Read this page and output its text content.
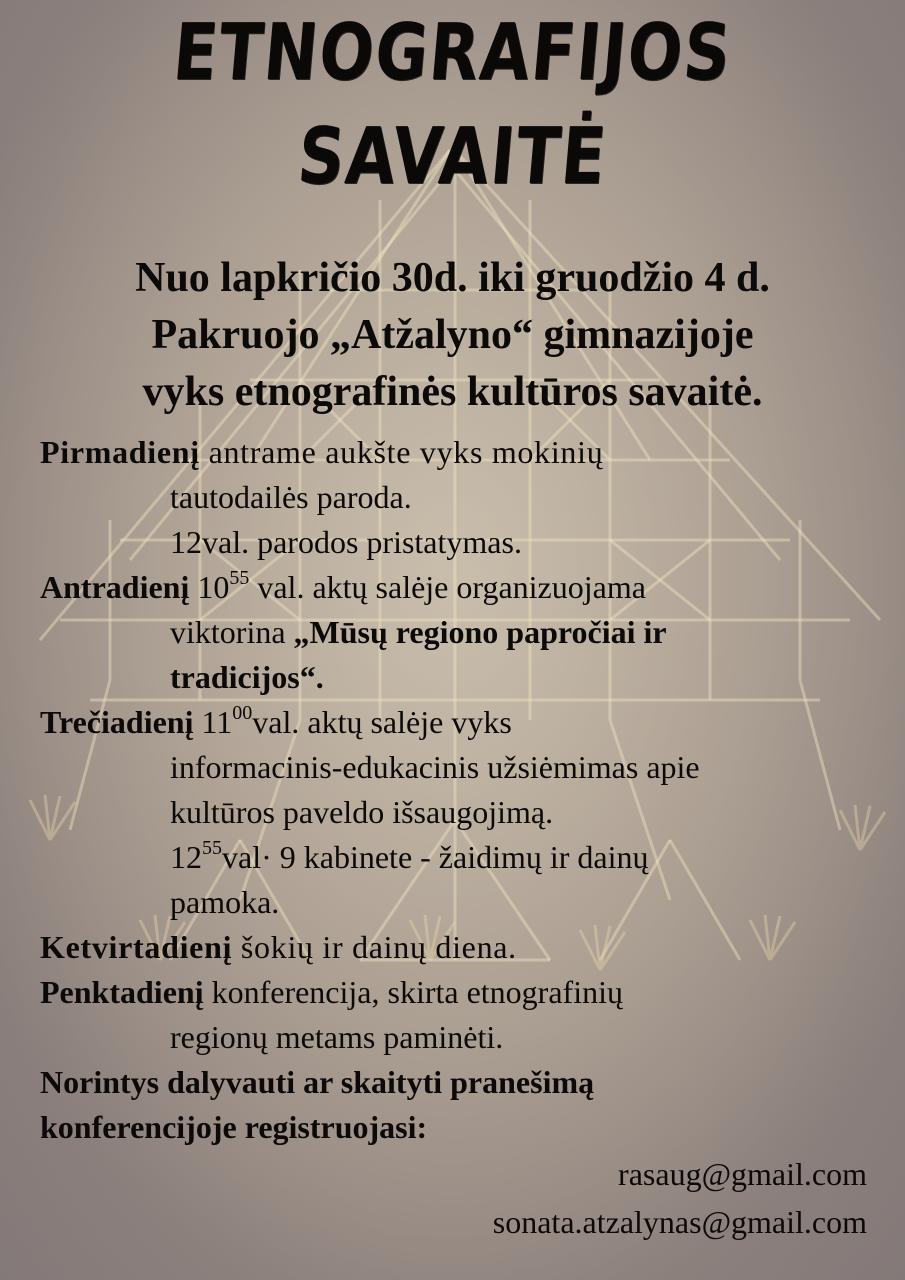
ETNOGRAFIJOS
SAVAITĖ
Nuo lapkričio 30d. iki gruodžio 4 d.
Pakruojo „Atžalyno“ gimnazijoje
vyks etnografinės kultūros savaitė.
Pirmadienį antrame aukšte vyks mokinių
tautodailės paroda.
12val. parodos pristatymas.
Antradienį $10^{55}$ val. aktų salėje organizuojama
viktorina „Mūsų regiono papročiai ir
tradicijos“.
Trečiadienį $11^{00}val$. aktų salėje vyks
informacinis-edukacinis užsiėmimas apie
kultūros paveldo išsaugojimą.
$12^{55}val\cdot 9$ kabinete - žaidimų ir dainų
pamoka.
Ketvirtadienį šokių ir dainų diena.
Penktadienį konferencija, skirta etnografinių
regionų metams paminėti.
Norintys dalyvauti ar skaityti pranešimą
konferencijoje registruojasi:
rasaug@gmail.com
sonata.atzalynas@gmail.com
